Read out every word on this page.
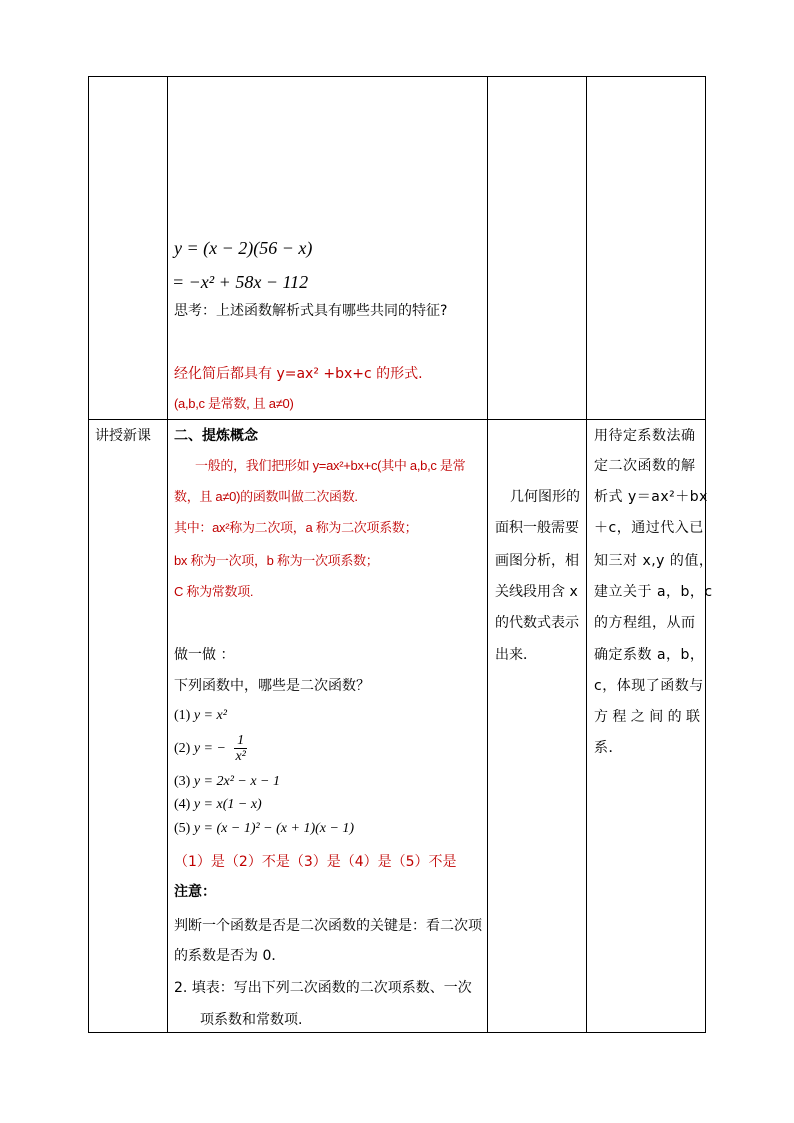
y = (x − 2)(56 − x)
= −x² + 58x − 112
思考：上述函数解析式具有哪些共同的特征?
经化简后都具有 y=ax² +bx+c 的形式.
(a,b,c 是常数, 且 a≠0)
讲授新课 二、提炼概念
一般的，我们把形如 y=ax²+bx+c(其中 a,b,c 是常
数，且 a≠0)的函数叫做二次函数.
其中：ax²称为二次项，a 称为二次项系数；
bx 称为一次项，b 称为一次项系数；
C 称为常数项.
做一做 ：
下列函数中，哪些是二次函数？
(1) y = x²
(2) y = − $\frac{1}{\text{x²}}$
(3) y = 2x² − x − 1
(4) y = x(1 − x)
(5) y = (x − 1)² − (x + 1)(x − 1)
（1）是（2）不是（3）是（4）是（5）不是
注意：
判断一个函数是否是二次函数的关键是：看二次项
的系数是否为 0．
2. 填表：写出下列二次函数的二次项系数、一次
项系数和常数项.
几何图形的
面积一般需要
画图分析，相
关线段用含 x
的代数式表示
出来．
用待定系数法确
定二次函数的解
析式 y＝ax²＋bx
＋c，通过代入已
知三对 x,y 的值，
建立关于 a，b，c
的方程组，从而
确定系数 a，b，
c，体现了函数与
方程之间的联
系．
